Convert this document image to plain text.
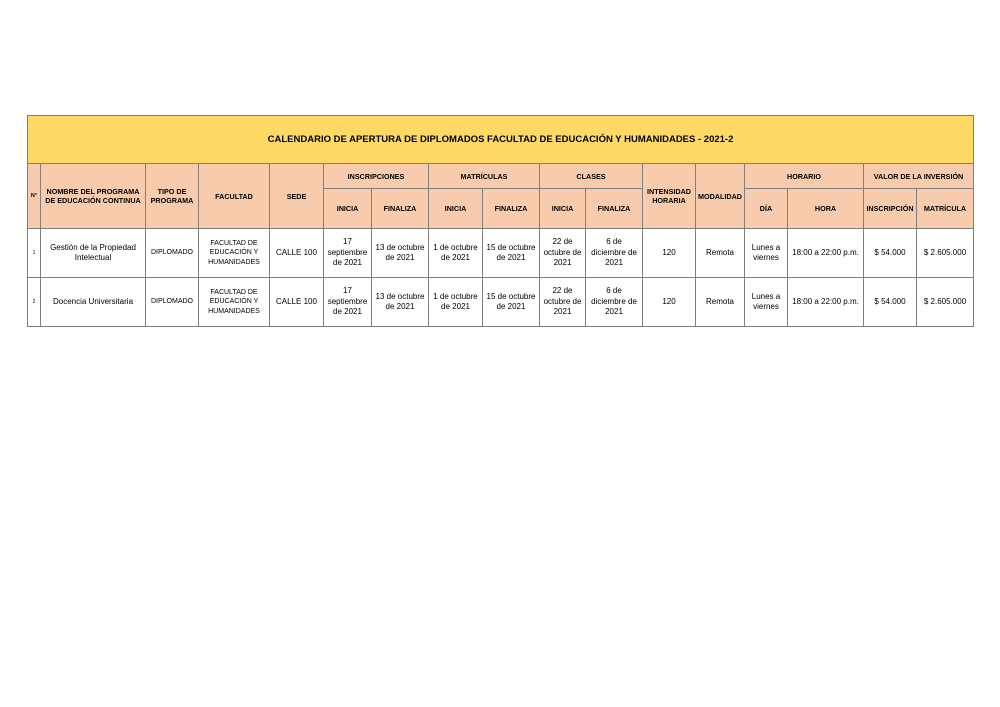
CALENDARIO DE APERTURA DE DIPLOMADOS FACULTAD DE EDUCACIÓN Y HUMANIDADES - 2021-2																
N°	NOMBRE DEL PROGRAMA DE EDUCACIÓN CONTINUA	TIPO DE PROGRAMA	FACULTAD	SEDE	INSCRIPCIONES		MATRÍCULAS		CLASES		INTENSIDAD HORARIA	MODALIDAD	HORARIO		VALOR DE LA INVERSIÓN	
					INICIA	FINALIZA	INICIA	FINALIZA	INICIA	FINALIZA			DÍA	HORA	INSCRIPCIÓN	MATRÍCULA
1	Gestión de la Propiedad Intelectual	DIPLOMADO	FACULTAD DE EDUCACIÓN Y HUMANIDADES	CALLE 100	17 septiembre de 2021	13 de octubre de 2021	1 de octubre de 2021	15 de octubre de 2021	22 de octubre de 2021	6 de diciembre de 2021	120	Remota	Lunes a viernes	18:00 a 22:00 p.m.	$ 54.000	$ 2.605.000
2	Docencia Universitaria	DIPLOMADO	FACULTAD DE EDUCACIÓN Y HUMANIDADES	CALLE 100	17 septiembre de 2021	13 de octubre de 2021	1 de octubre de 2021	15 de octubre de 2021	22 de octubre de 2021	6 de diciembre de 2021	120	Remota	Lunes a viernes	18:00 a 22:00 p.m.	$ 54.000	$ 2.605.000
